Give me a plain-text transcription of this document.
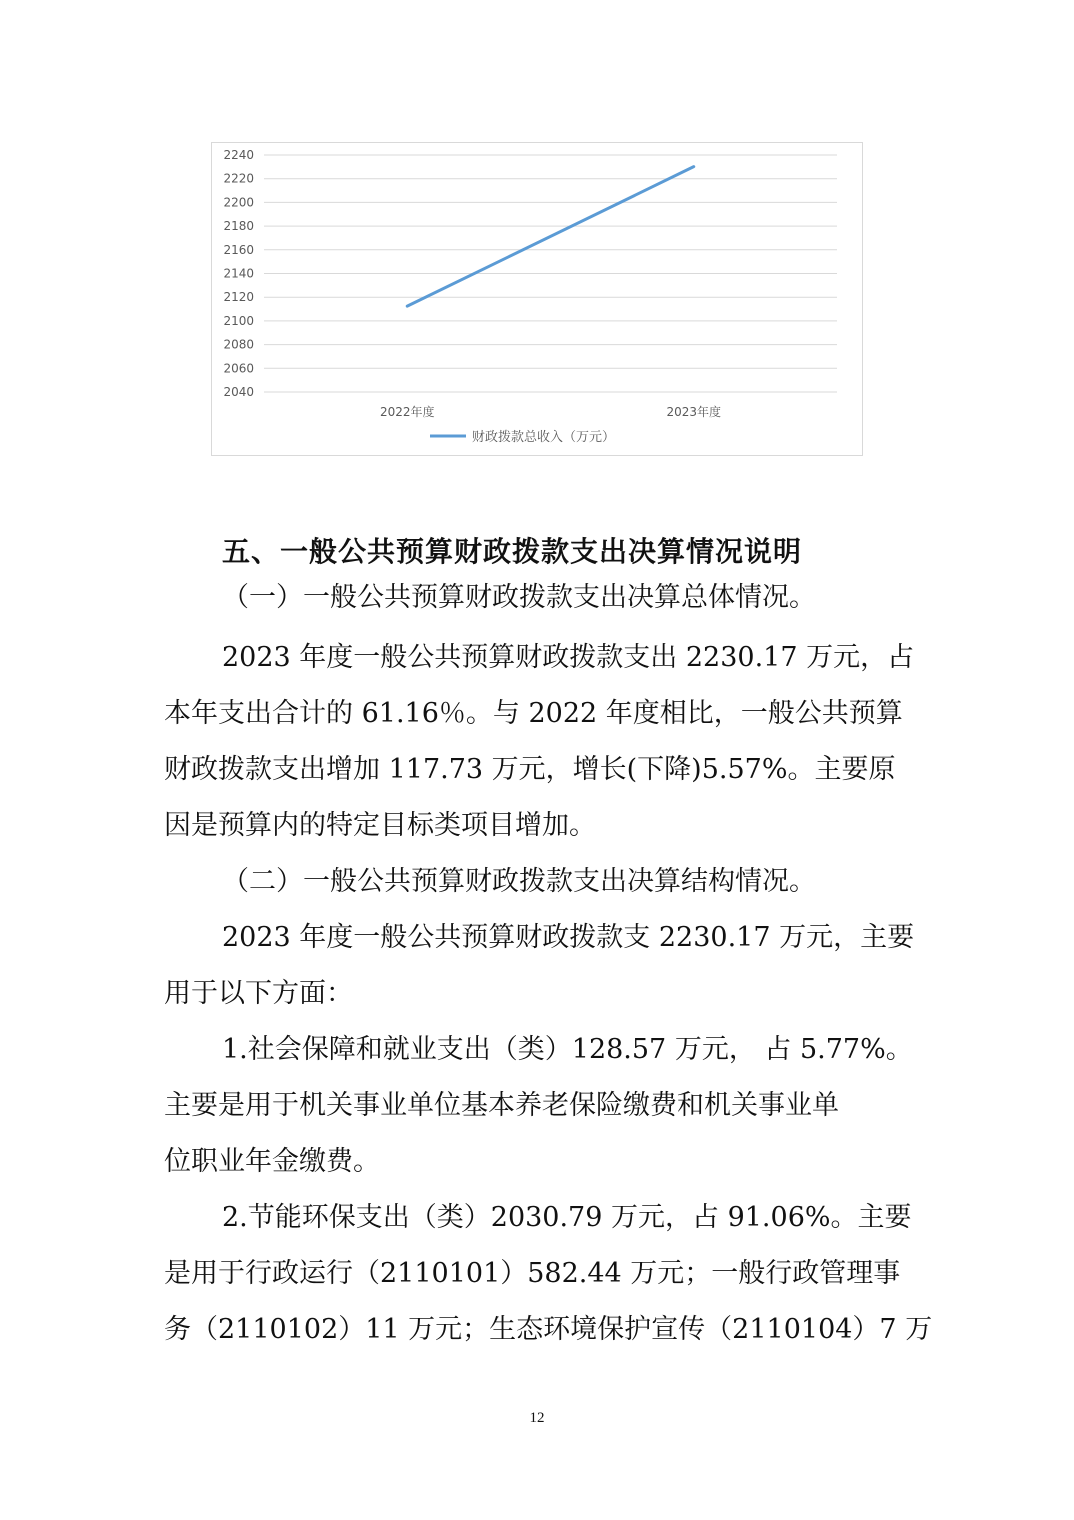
2040
2060
2080
2100
2120
2140
2160
2180
2200
2220
2240
2022年度	2023年度
财政拨款总收入（万元）
五、一般公共预算财政拨款支出决算情况说明
（一）一般公共预算财政拨款支出决算总体情况。
2023 年度一般公共预算财政拨款支出 2230.17 万元，占
本年支出合计的 61.16％。与 2022 年度相比，一般公共预算
财政拨款支出增加 117.73 万元，增长(下降)5.57%。主要原
因是预算内的特定目标类项目增加。
（二）一般公共预算财政拨款支出决算结构情况。
2023 年度一般公共预算财政拨款支 2230.17 万元，主要
用于以下方面：
1.社会保障和就业支出（类）128.57 万元， 占 5.77%。
主要是用于机关事业单位基本养老保险缴费和机关事业单
位职业年金缴费。
2.节能环保支出（类）2030.79 万元，占 91.06%。主要
是用于行政运行（2110101）582.44 万元；一般行政管理事
务（2110102）11 万元；生态环境保护宣传（2110104）7 万
12
